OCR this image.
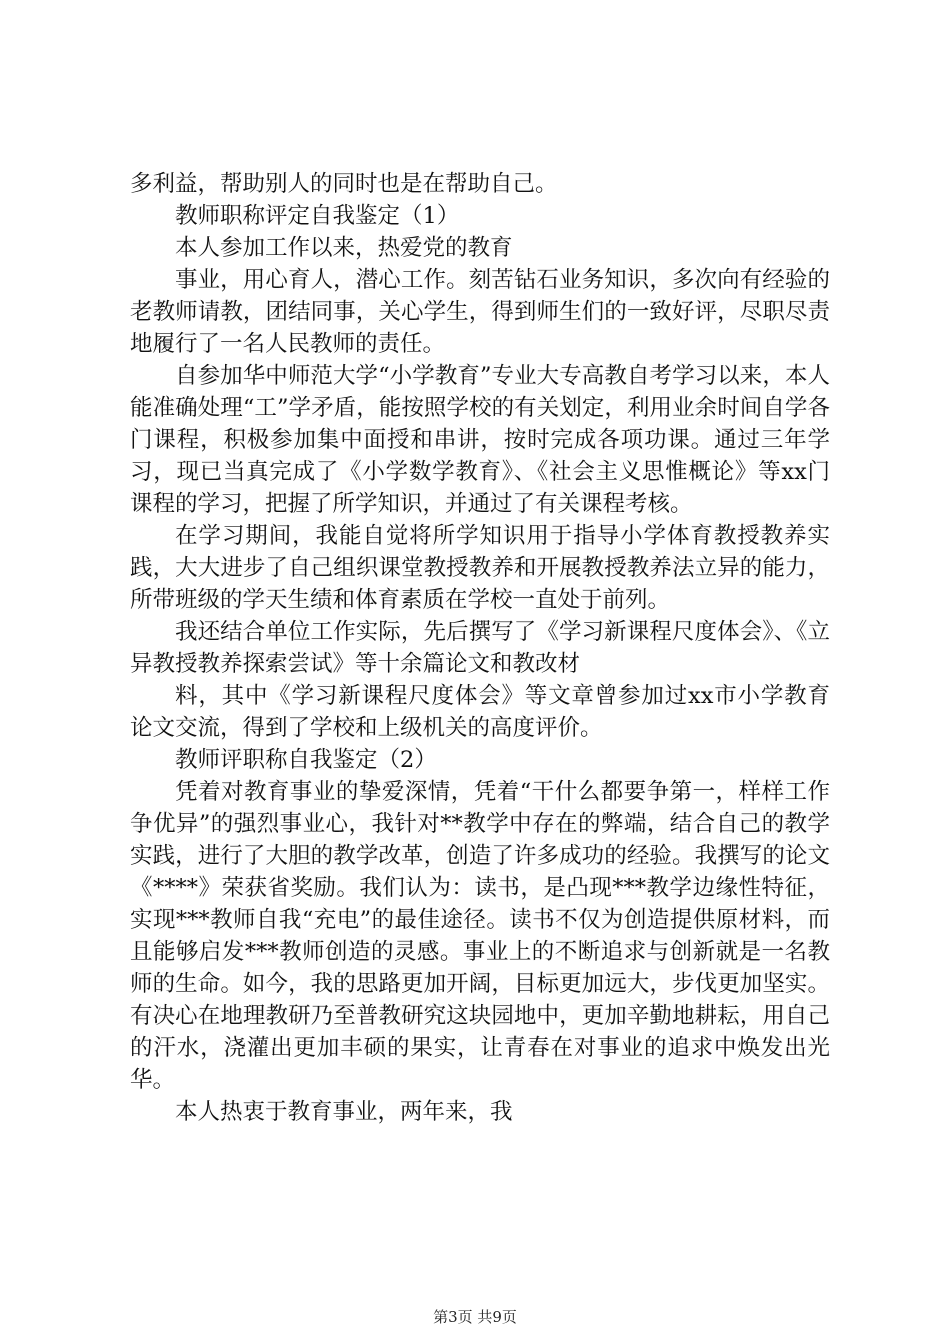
多利益，帮助别人的同时也是在帮助自己。

教师职称评定自我鉴定（1）

本人参加工作以来，热爱党的教育

事业，用心育人，潜心工作。刻苦钻石业务知识，多次向有经验的老教师请教，团结同事，关心学生，得到师生们的一致好评，尽职尽责地履行了一名人民教师的责任。

自参加华中师范大学“小学教育”专业大专高教自考学习以来，本人能准确处理“工”学矛盾，能按照学校的有关划定，利用业余时间自学各门课程，积极参加集中面授和串讲，按时完成各项功课。通过三年学习，现已当真完成了《小学数学教育》、《社会主义思惟概论》等xx门课程的学习，把握了所学知识，并通过了有关课程考核。

在学习期间，我能自觉将所学知识用于指导小学体育教授教养实践，大大进步了自己组织课堂教授教养和开展教授教养法立异的能力，所带班级的学天生绩和体育素质在学校一直处于前列。

我还结合单位工作实际，先后撰写了《学习新课程尺度体会》、《立异教授教养探索尝试》等十余篇论文和教改材

料，其中《学习新课程尺度体会》等文章曾参加过xx市小学教育论文交流，得到了学校和上级机关的高度评价。

教师评职称自我鉴定（2）

凭着对教育事业的挚爱深情，凭着“干什么都要争第一，样样工作争优异”的强烈事业心，我针对**教学中存在的弊端，结合自己的教学实践，进行了大胆的教学改革，创造了许多成功的经验。我撰写的论文《****》荣获省奖励。我们认为：读书，是凸现***教学边缘性特征，实现***教师自我“充电”的最佳途径。读书不仅为创造提供原材料，而且能够启发***教师创造的灵感。事业上的不断追求与创新就是一名教师的生命。如今，我的思路更加开阔，目标更加远大，步伐更加坚实。有决心在地理教研乃至普教研究这块园地中，更加辛勤地耕耘，用自己的汗水，浇灌出更加丰硕的果实，让青春在对事业的追求中焕发出光华。

本人热衷于教育事业，两年来，我

第3页 共9页
